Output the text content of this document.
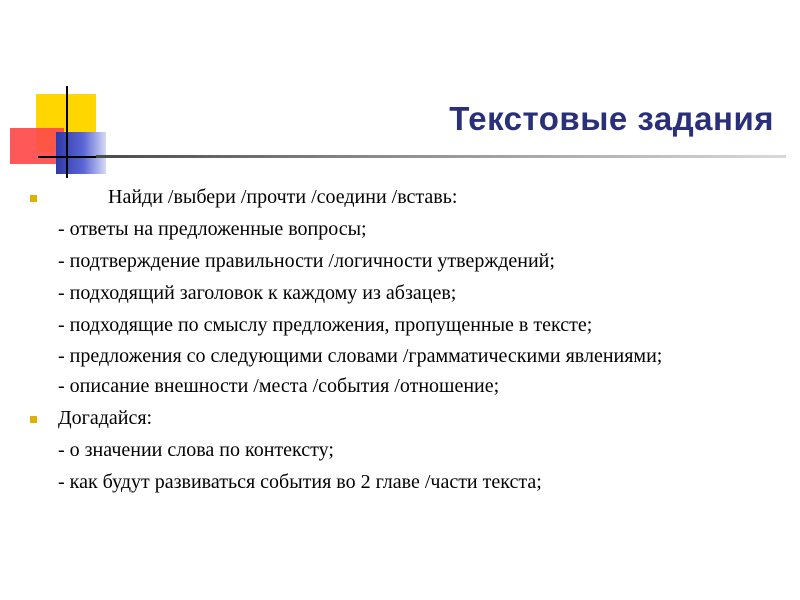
Текстовые задания
Найди /выбери /прочти /соедини /вставь:
- ответы на предложенные вопросы;
- подтверждение правильности /логичности утверждений;
- подходящий заголовок к каждому из абзацев;
- подходящие по смыслу предложения, пропущенные в тексте;
- предложения со следующими словами /грамматическими явлениями;
- описание внешности /места /события /отношение;
Догадайся:
- о значении слова по контексту;
- как будут развиваться события во 2 главе /части текста;
